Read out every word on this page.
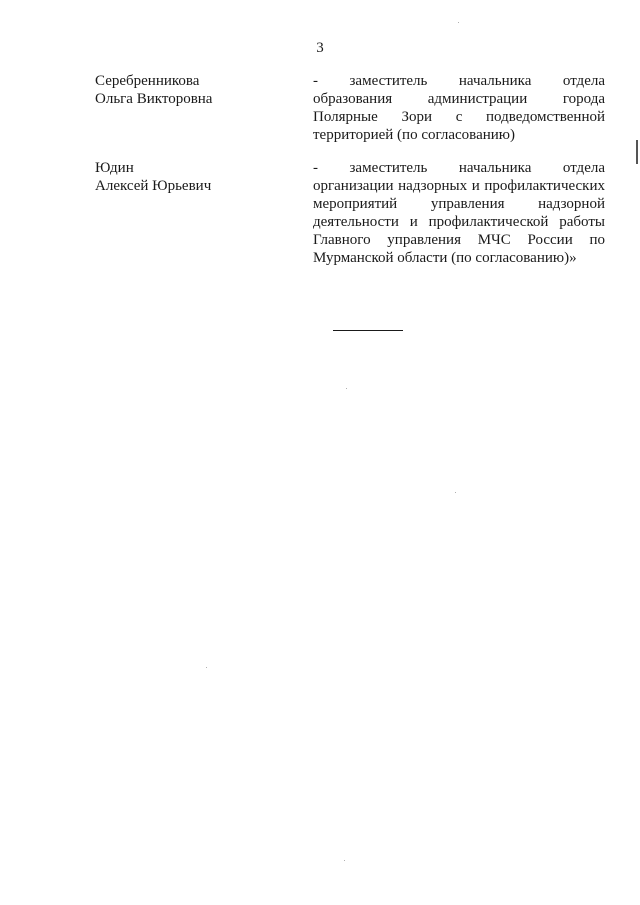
3
Серебренникова
Ольга Викторовна
- заместитель начальника отдела
образования администрации города
Полярные Зори с подведомственной
территорией (по согласованию)
Юдин
Алексей Юрьевич
- заместитель начальника отдела
организации надзорных и профилактических
мероприятий управления надзорной
деятельности и профилактической работы
Главного управления МЧС России по
Мурманской области (по согласованию)»
